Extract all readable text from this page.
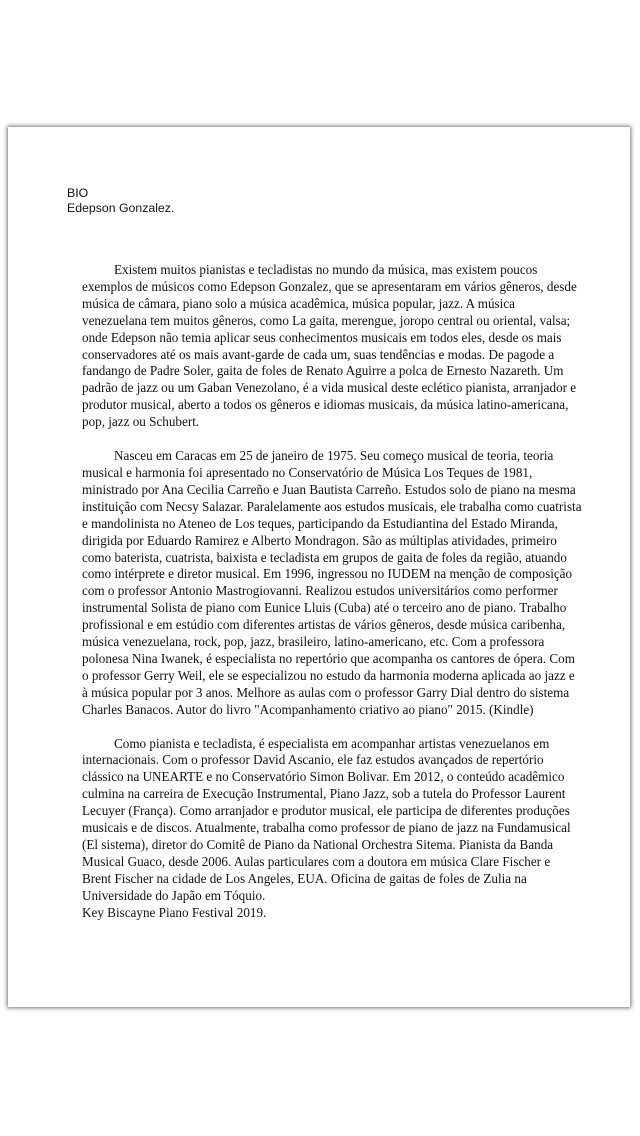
BIO
Edepson Gonzalez.

Existem muitos pianistas e tecladistas no mundo da música, mas existem poucos exemplos de músicos como Edepson Gonzalez, que se apresentaram em vários gêneros, desde música de câmara, piano solo a música acadêmica, música popular, jazz. A música venezuelana tem muitos gêneros, como La gaita, merengue, joropo central ou oriental, valsa; onde Edepson não temia aplicar seus conhecimentos musicais em todos eles, desde os mais conservadores até os mais avant-garde de cada um, suas tendências e modas. De pagode a fandango de Padre Soler, gaita de foles de Renato Aguirre a polca de Ernesto Nazareth. Um padrão de jazz ou um Gaban Venezolano, é a vida musical deste eclético pianista, arranjador e produtor musical, aberto a todos os gêneros e idiomas musicais, da música latino-americana, pop, jazz ou Schubert.

Nasceu em Caracas em 25 de janeiro de 1975. Seu começo musical de teoria, teoria musical e harmonia foi apresentado no Conservatório de Música Los Teques de 1981, ministrado por Ana Cecilia Carreño e Juan Bautista Carreño. Estudos solo de piano na mesma instituição com Necsy Salazar. Paralelamente aos estudos musicais, ele trabalha como cuatrista e mandolinista no Ateneo de Los teques, participando da Estudiantina del Estado Miranda, dirigida por Eduardo Ramirez e Alberto Mondragon. São as múltiplas atividades, primeiro como baterista, cuatrista, baixista e tecladista em grupos de gaita de foles da região, atuando como intérprete e diretor musical. Em 1996, ingressou no IUDEM na menção de composição com o professor Antonio Mastrogiovanni. Realizou estudos universitários como performer instrumental Solista de piano com Eunice Lluis (Cuba) até o terceiro ano de piano. Trabalho profissional e em estúdio com diferentes artistas de vários gêneros, desde música caribenha, música venezuelana, rock, pop, jazz, brasileiro, latino-americano, etc. Com a professora polonesa Nina Iwanek, é especialista no repertório que acompanha os cantores de ópera. Com o professor Gerry Weil, ele se especializou no estudo da harmonia moderna aplicada ao jazz e à música popular por 3 anos. Melhore as aulas com o professor Garry Dial dentro do sistema Charles Banacos. Autor do livro "Acompanhamento criativo ao piano" 2015. (Kindle)

Como pianista e tecladista, é especialista em acompanhar artistas venezuelanos em internacionais. Com o professor David Ascanio, ele faz estudos avançados de repertório clássico na UNEARTE e no Conservatório Simon Bolivar. Em 2012, o conteúdo acadêmico culmina na carreira de Execução Instrumental, Piano Jazz, sob a tutela do Professor Laurent Lecuyer (França). Como arranjador e produtor musical, ele participa de diferentes produções musicais e de discos. Atualmente, trabalha como professor de piano de jazz na Fundamusical (El sistema), diretor do Comitê de Piano da National Orchestra Sitema. Pianista da Banda Musical Guaco, desde 2006. Aulas particulares com a doutora em música Clare Fischer e Brent Fischer na cidade de Los Angeles, EUA. Oficina de gaitas de foles de Zulia na Universidade do Japão em Tóquio.

Key Biscayne Piano Festival 2019.
